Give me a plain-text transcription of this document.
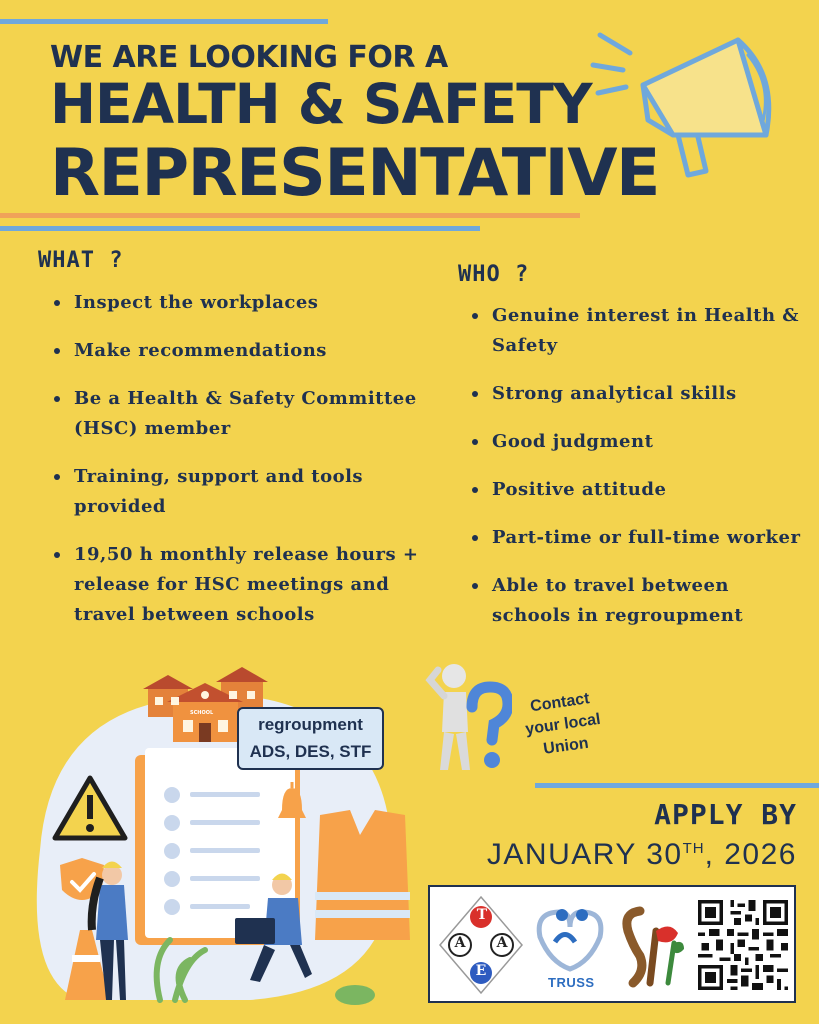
WE ARE LOOKING FOR A
HEALTH & SAFETY
REPRESENTATIVE
WHAT ?
Inspect the workplaces
Make recommendations
Be a Health & Safety Committee (HSC) member
Training, support and tools provided
19,50 h monthly release hours + release for HSC meetings and travel between schools
WHO ?
Genuine interest in Health & Safety
Strong analytical skills
Good judgment
Positive attitude
Part-time or full-time worker
Able to travel between schools in regroupment
SCHOOL
regroupment
ADS, DES, STF
Contact
your local
Union
APPLY BY
JANUARY 30TH, 2026
T
A A
E
TRUSS
